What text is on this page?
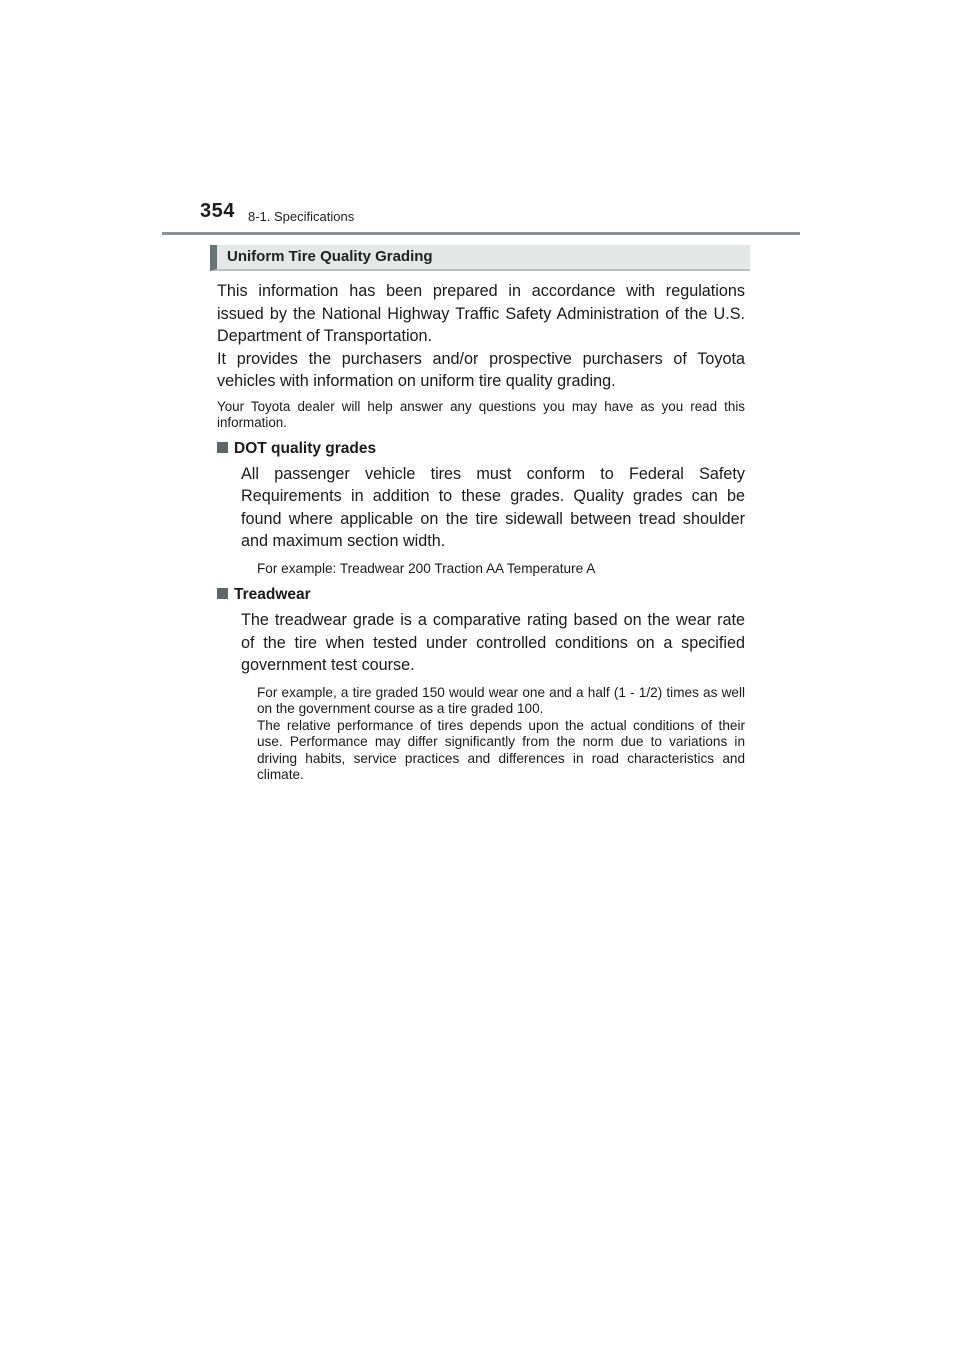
354 8-1. Specifications
Uniform Tire Quality Grading

This information has been prepared in accordance with regulations issued by the National Highway Traffic Safety Administration of the U.S. Department of Transportation.

It provides the purchasers and/or prospective purchasers of Toyota vehicles with information on uniform tire quality grading.

Your Toyota dealer will help answer any questions you may have as you read this information.

DOT quality grades

All passenger vehicle tires must conform to Federal Safety Requirements in addition to these grades. Quality grades can be found where applicable on the tire sidewall between tread shoulder and maximum section width.

For example: Treadwear 200 Traction AA Temperature A

Treadwear

The treadwear grade is a comparative rating based on the wear rate of the tire when tested under controlled conditions on a specified government test course.

For example, a tire graded 150 would wear one and a half (1 - 1/2) times as well on the government course as a tire graded 100.

The relative performance of tires depends upon the actual conditions of their use. Performance may differ significantly from the norm due to variations in driving habits, service practices and differences in road characteristics and climate.
